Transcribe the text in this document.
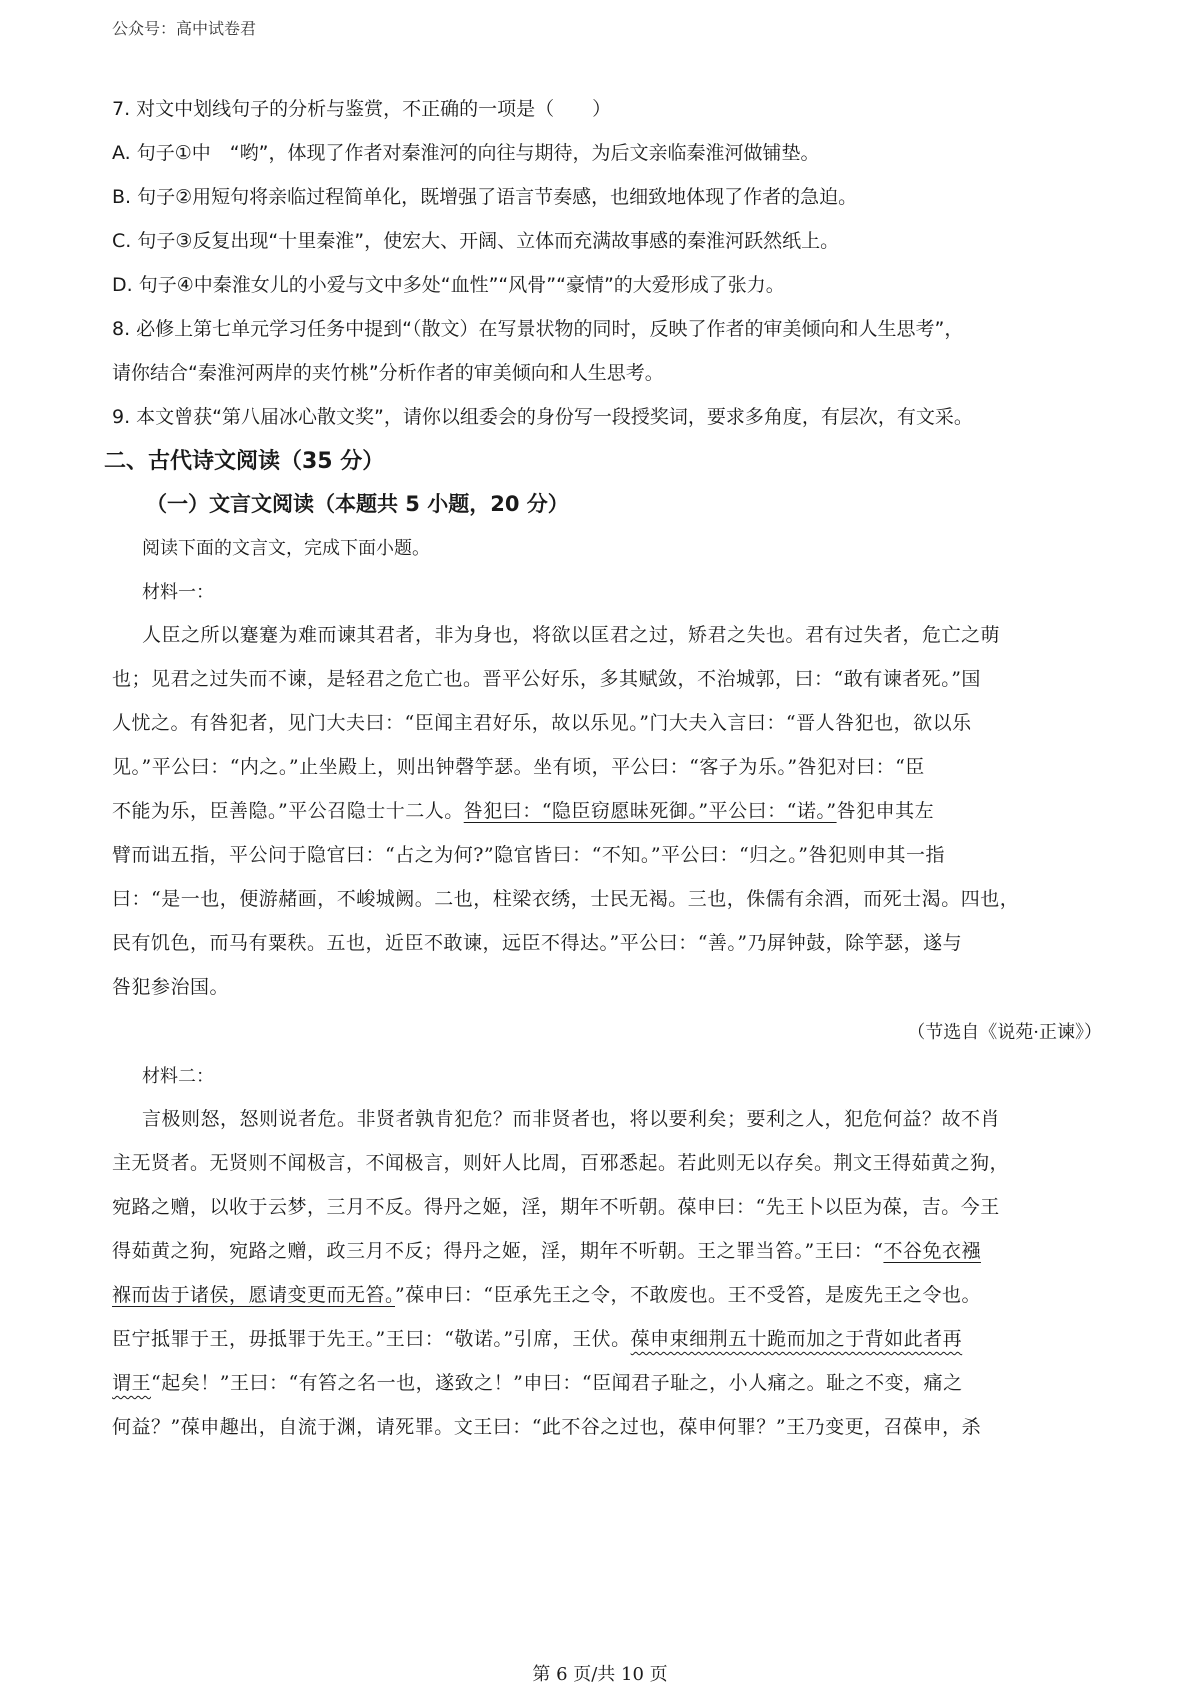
公众号：高中试卷君
7. 对文中划线句子的分析与鉴赏，不正确的一项是（　　）
A. 句子①中　“哟”，体现了作者对秦淮河的向往与期待，为后文亲临秦淮河做铺垫。
B. 句子②用短句将亲临过程简单化，既增强了语言节奏感，也细致地体现了作者的急迫。
C. 句子③反复出现“十里秦淮”，使宏大、开阔、立体而充满故事感的秦淮河跃然纸上。
D. 句子④中秦淮女儿的小爱与文中多处“血性”“风骨”“豪情”的大爱形成了张力。
8. 必修上第七单元学习任务中提到“（散文）在写景状物的同时，反映了作者的审美倾向和人生思考”，
请你结合“秦淮河两岸的夹竹桃”分析作者的审美倾向和人生思考。
9. 本文曾获“第八届冰心散文奖”，请你以组委会的身份写一段授奖词，要求多角度，有层次，有文采。
二、古代诗文阅读（35 分）
（一）文言文阅读（本题共 5 小题，20 分）
阅读下面的文言文，完成下面小题。
材料一：
人臣之所以蹇蹇为难而谏其君者，非为身也，将欲以匡君之过，矫君之失也。君有过失者，危亡之萌
也；见君之过失而不谏，是轻君之危亡也。晋平公好乐，多其赋敛，不治城郭，曰：“敢有谏者死。”国
人忧之。有咎犯者，见门大夫曰：“臣闻主君好乐，故以乐见。”门大夫入言曰：“晋人咎犯也，欲以乐
见。”平公曰：“内之。”止坐殿上，则出钟磬竽瑟。坐有顷，平公曰：“客子为乐。”咎犯对曰：“臣
不能为乐，臣善隐。”平公召隐士十二人。咎犯曰：“隐臣窃愿昧死御。”平公曰：“诺。”咎犯申其左
臂而诎五指，平公问于隐官曰：“占之为何?”隐官皆曰：“不知。”平公曰：“归之。”咎犯则申其一指
曰：“是一也，便游赭画，不峻城阙。二也，柱梁衣绣，士民无褐。三也，侏儒有余酒，而死士渴。四也，
民有饥色，而马有粟秩。五也，近臣不敢谏，远臣不得达。”平公曰：“善。”乃屏钟鼓，除竽瑟，遂与
咎犯参治国。
（节选自《说苑·正谏》）
材料二：
言极则怒，怒则说者危。非贤者孰肯犯危？而非贤者也，将以要利矣；要利之人，犯危何益？故不肖
主无贤者。无贤则不闻极言，不闻极言，则奸人比周，百邪悉起。若此则无以存矣。荆文王得茹黄之狗，
宛路之赠，以收于云梦，三月不反。得丹之姬，淫，期年不听朝。葆申曰：“先王卜以臣为葆，吉。今王
得茹黄之狗，宛路之赠，政三月不反；得丹之姬，淫，期年不听朝。王之罪当笞。”王曰：“不谷免衣襁
褓而齿于诸侯，愿请变更而无笞。”葆申曰：“臣承先王之令，不敢废也。王不受笞，是废先王之令也。
臣宁抵罪于王，毋抵罪于先王。”王曰：“敬诺。”引席，王伏。葆申束细荆五十跪而加之于背如此者再
谓王“起矣！”王曰：“有笞之名一也，遂致之！”申曰：“臣闻君子耻之，小人痛之。耻之不变，痛之
何益？”葆申趣出，自流于渊，请死罪。文王曰：“此不谷之过也，葆申何罪？”王乃变更，召葆申，杀
第 6 页/共 10 页
